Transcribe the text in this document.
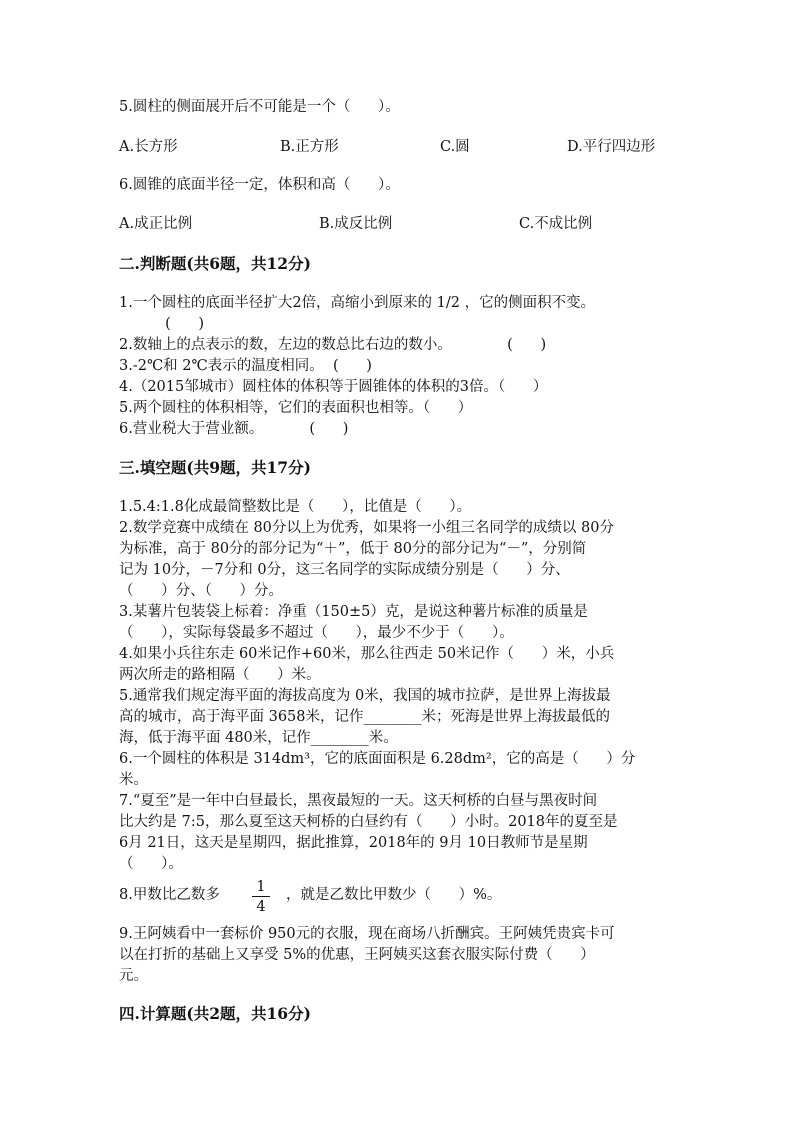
5.圆柱的侧面展开后不可能是一个（      ）。
A.长方形	B.正方形	C.圆	D.平行四边形
6.圆锥的底面半径一定，体积和高（      ）。
A.成正比例	B.成反比例	C.不成比例
二.判断题(共6题，共12分)
1.一个圆柱的底面半径扩大2倍，高缩小到原来的 1/2 ，它的侧面积不变。
(      )
2.数轴上的点表示的数，左边的数总比右边的数小。            (      )
3.-2℃和 2℃表示的温度相同。  (      )
4.（2015邹城市）圆柱体的体积等于圆锥体的体积的3倍。（      ）
5.两个圆柱的体积相等，它们的表面积也相等。（      ）
6.营业税大于营业额。          (      )
三.填空题(共9题，共17分)
1.5.4:1.8化成最简整数比是（      ），比值是（      ）。
2.数学竞赛中成绩在 80分以上为优秀，如果将一小组三名同学的成绩以 80分
为标准，高于 80分的部分记为“＋”，低于 80分的部分记为“－”，分别简
记为 10分，－7分和 0分，这三名同学的实际成绩分别是（      ）分、
（      ）分、（      ）分。
3.某薯片包装袋上标着：净重（150±5）克，是说这种薯片标准的质量是
（      ），实际每袋最多不超过（      ），最少不少于（      ）。
4.如果小兵往东走 60米记作+60米，那么往西走 50米记作（      ）米，小兵
两次所走的路相隔（      ）米。
5.通常我们规定海平面的海拔高度为 0米，我国的城市拉萨，是世界上海拔最
高的城市，高于海平面 3658米，记作________米；死海是世界上海拔最低的
海，低于海平面 480米，记作________米。
6.一个圆柱的体积是 314dm³，它的底面面积是 6.28dm²，它的高是（      ）分
米。
7.“夏至”是一年中白昼最长，黑夜最短的一天。这天柯桥的白昼与黑夜时间
比大约是 7:5，那么夏至这天柯桥的白昼约有（      ）小时。2018年的夏至是
6月 21日，这天是星期四，据此推算，2018年的 9月 10日教师节是星期
（      ）。
8.甲数比乙数多	1
4
，就是乙数比甲数少（      ）%。
9.王阿姨看中一套标价 950元的衣服，现在商场八折酬宾。王阿姨凭贵宾卡可
以在打折的基础上又享受 5%的优惠，王阿姨买这套衣服实际付费（      ）
元。
四.计算题(共2题，共16分)
